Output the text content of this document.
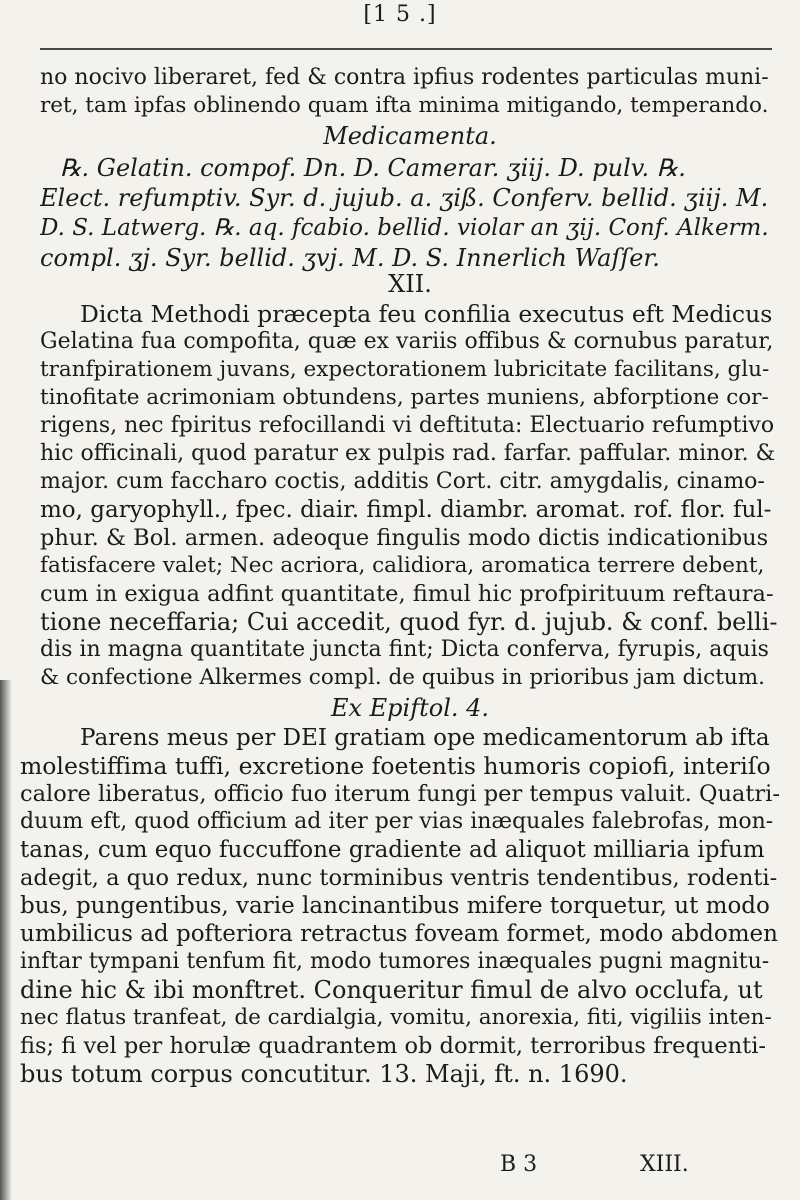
[1 5 .]
no nocivo liberaret, fed & contra ipfius rodentes particulas muni-
ret, tam ipfas oblinendo quam ifta minima mitigando, temperando.
Medicamenta.
℞. Gelatin. compof. Dn. D. Camerar. ʒiij. D. pulv. ℞.
Elect. refumptiv. Syr. d. jujub. a. ʒiß. Conferv. bellid. ʒiij. M.
D. S. Latwerg. ℞. aq. fcabio. bellid. violar an ʒij. Conf. Alkerm.
compl. ʒj. Syr. bellid. ʒvj. M. D. S. Innerlich Waſſer.
XII.
Dicta Methodi præcepta feu confilia executus eft Medicus
Gelatina fua compofita, quæ ex variis offibus & cornubus paratur,
tranfpirationem juvans, expectorationem lubricitate facilitans, glu-
tinofitate acrimoniam obtundens, partes muniens, abforptione cor-
rigens, nec fpiritus refocillandi vi deftituta: Electuario refumptivo
hic officinali, quod paratur ex pulpis rad. farfar. paffular. minor. &
major. cum faccharo coctis, additis Cort. citr. amygdalis, cinamo-
mo, garyophyll., fpec. diair. fimpl. diambr. aromat. rof. flor. ful-
phur. & Bol. armen. adeoque fingulis modo dictis indicationibus
fatisfacere valet; Nec acriora, calidiora, aromatica terrere debent,
cum in exigua adfint quantitate, fimul hic profpirituum reftaura-
tione neceffaria; Cui accedit, quod fyr. d. jujub. & conf. belli-
dis in magna quantitate juncta fint; Dicta conferva, fyrupis, aquis
& confectione Alkermes compl. de quibus in prioribus jam dictum.
Ex Epiftol. 4.
Parens meus per DEI gratiam ope medicamentorum ab ifta
molestiffima tuffi, excretione foetentis humoris copiofi, interiſo
calore liberatus, officio fuo iterum fungi per tempus valuit. Quatri-
duum eft, quod officium ad iter per vias inæquales falebrofas, mon-
tanas, cum equo fuccuffone gradiente ad aliquot milliaria ipfum
adegit, a quo redux, nunc torminibus ventris tendentibus, rodenti-
bus, pungentibus, varie lancinantibus mifere torquetur, ut modo
umbilicus ad pofteriora retractus foveam formet, modo abdomen
inftar tympani tenfum fit, modo tumores inæquales pugni magnitu-
dine hic & ibi monftret. Conqueritur fimul de alvo occlufa, ut
nec flatus tranfeat, de cardialgia, vomitu, anorexia, fiti, vigiliis inten-
fis; fi vel per horulæ quadrantem ob dormit, terroribus frequenti-
bus totum corpus concutitur. 13. Maji, ft. n. 1690.
B 3	XIII.
